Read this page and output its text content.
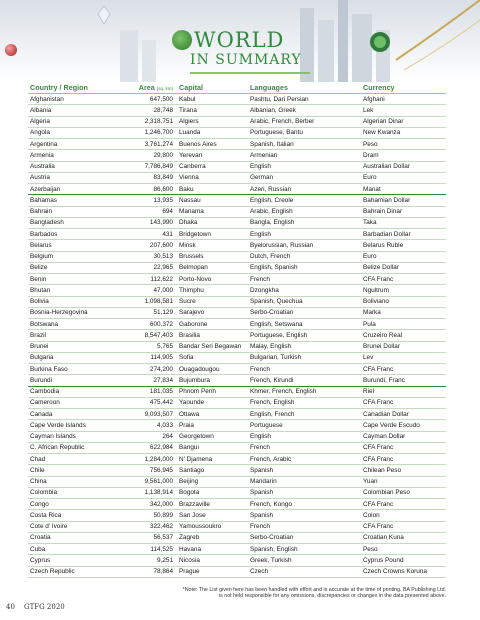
WORLD
IN SUMMARY
Country / Region	Area (sq. km) Capital	Languages	Currency
Afghanistan	647,500 Kabul	Pashtu, Dari Persian	Afghani
Albania	28,748 Tirana	Albanian, Greek	Lek
Algeria	2,318,751 Algiers	Arabic, French, Berber	Algerian Dinar
Angola	1,246,700 Luanda	Portuguese, Bantu	New Kwanza
Argentina	3,761,274 Buenos Aires	Spanish, Italian	Peso
Armenia	29,800 Yerevan	Armenian	Dram
Australia	7,786,849 Canberra	English	Australian Dollar
Austria	83,849 Vienna	German	Euro
Azerbaijan	86,600 Baku	Azeri, Russian	Manat
Bahamas	13,935 Nassau	English, Creole	Bahamian Dollar
Bahrain	694 Manama	Arabic, English	Bahrain Dinar
Bangladesh	143,990 Dhaka	Bangla, English	Taka
Barbados	431 Bridgetown	English	Barbadian Dollar
Belarus	207,600 Minsk	Byelorussian, Russian	Belarus Ruble
Belgium	30,513 Brussels	Dutch, French	Euro
Belize	22,965 Belmopan	English, Spanish	Belize Dollar
Benin	112,622 Porto-Novo	French	CFA Franc
Bhutan	47,000 Thimphu	Dzongkha	Ngultrum
Bolivia	1,098,581 Sucre	Spanish, Quechua	Boliviano
Bosnia-Herzegovina	51,129 Sarajevo	Serbo-Croatian	Marka
Botswana	600,372 Gaborone	English, Setswana	Pula
Brazil	8,547,403 Brasilia	Portuguese, English	Cruzeiro Real
Brunei	5,765 Bandar Seri Begawan	Malay, English	Brunei Dollar
Bulgaria	114,905 Sofia	Bulgarian, Turkish	Lev
Burkina Faso	274,200 Ouagadougou	French	CFA Franc
Burundi	27,834 Bujumbura	French, Kirundi	Burundi, Franc
Cambodia	181,035 Phnom Penh	Khmer, French, English	Riel
Cameroon	475,442 Yaounde	French, English	CFA Franc
Canada	9,093,507 Ottawa	English, French	Canadian Dollar
Cape Verde Islands	4,033 Praia	Portuguese	Cape Verde Escudo
Cayman Islands	264 Georgetown	English	Cayman Dollar
C. African Republic	622,984 Bangui	French	CFA Franc
Chad	1,284,000 N' Djamena	French, Arabic	CFA Franc
Chile	756,945 Santiago	Spanish	Chilean Peso
China	9,561,000 Beijing	Mandarin	Yuan
Colombia	1,138,914 Bogota	Spanish	Colombian Peso
Congo	342,000 Brazzaville	French, Kongo	CFA Franc
Costa Rica	50,899 San Jose	Spanish	Colon
Cote d' Ivoire	322,462 Yamoussoukro	French	CFA Franc
Croatia	56,537 Zagreb	Serbo-Croatian	Croatian Kuna
Cuba	114,525 Havana	Spanish, English	Peso
Cyprus	9,251 Nicosia	Greek, Turkish	Cyprus Pound
Czech Republic	78,864 Prague	Czech	Czech Crowns Koruna
*Note: The List given here has been handled with effort and is accurate at the time of printing. BA Publishing Ltd.
is not held responsible for any omissions, discrepancies or changes in the data presented above.
40 GTFG 2020
